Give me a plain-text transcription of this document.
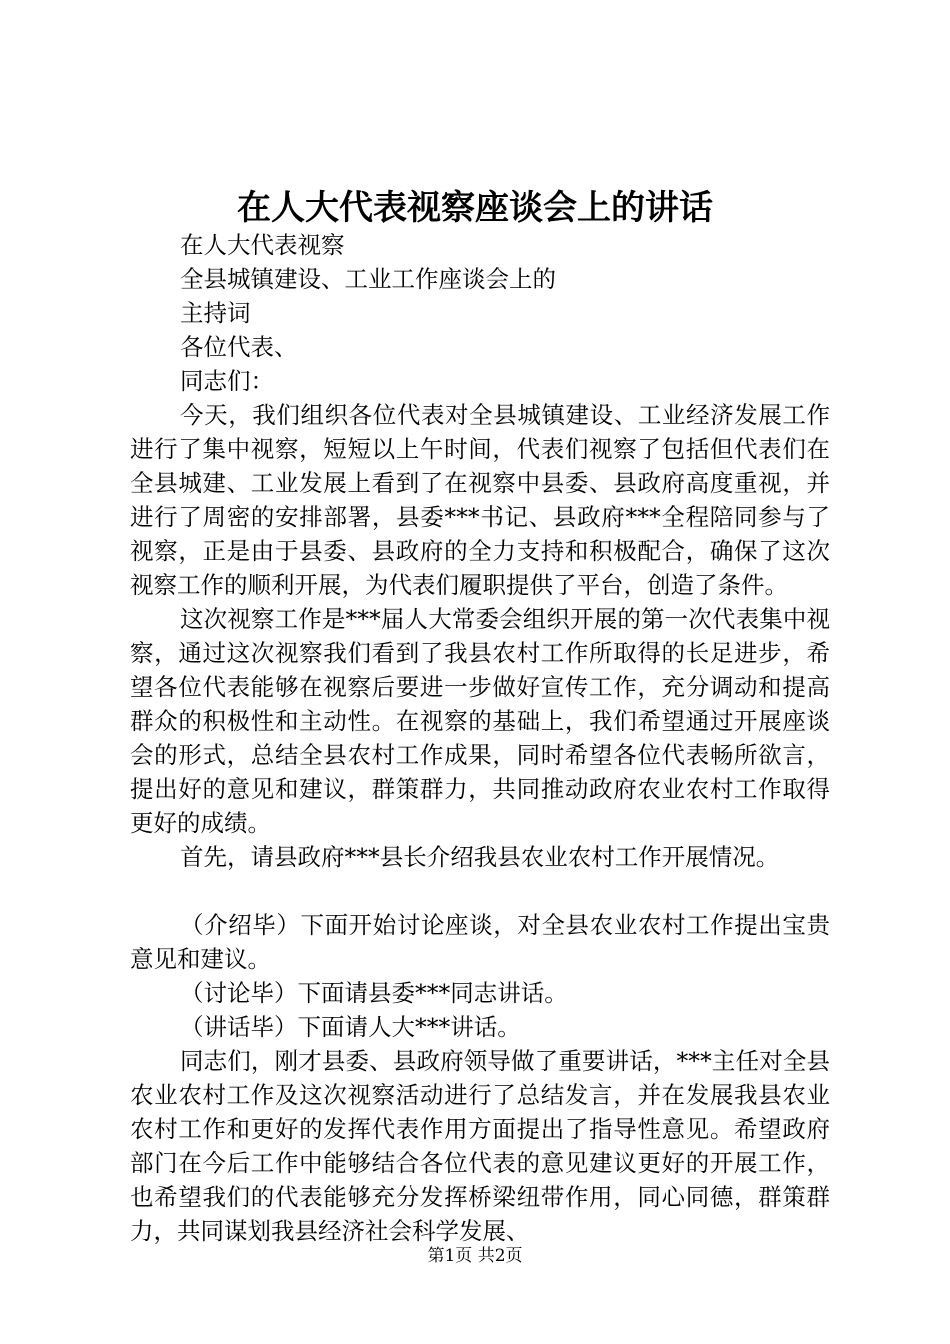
在人大代表视察座谈会上的讲话
在人大代表视察
全县城镇建设、工业工作座谈会上的
主持词
各位代表、
同志们：

今天，我们组织各位代表对全县城镇建设、工业经济发展工作进行了集中视察，短短以上午时间，代表们视察了包括但代表们在全县城建、工业发展上看到了在视察中县委、县政府高度重视，并进行了周密的安排部署，县委***书记、县政府***全程陪同参与了视察，正是由于县委、县政府的全力支持和积极配合，确保了这次视察工作的顺利开展，为代表们履职提供了平台，创造了条件。

这次视察工作是***届人大常委会组织开展的第一次代表集中视察，通过这次视察我们看到了我县农村工作所取得的长足进步，希望各位代表能够在视察后要进一步做好宣传工作，充分调动和提高群众的积极性和主动性。在视察的基础上，我们希望通过开展座谈会的形式，总结全县农村工作成果，同时希望各位代表畅所欲言，提出好的意见和建议，群策群力，共同推动政府农业农村工作取得更好的成绩。

首先，请县政府***县长介绍我县农业农村工作开展情况。

（介绍毕）下面开始讨论座谈，对全县农业农村工作提出宝贵意见和建议。

（讨论毕）下面请县委***同志讲话。

（讲话毕）下面请人大***讲话。

同志们，刚才县委、县政府领导做了重要讲话，***主任对全县农业农村工作及这次视察活动进行了总结发言，并在发展我县农业农村工作和更好的发挥代表作用方面提出了指导性意见。希望政府部门在今后工作中能够结合各位代表的意见建议更好的开展工作，也希望我们的代表能够充分发挥桥梁纽带作用，同心同德，群策群力，共同谋划我县经济社会科学发展、

第1页 共2页
